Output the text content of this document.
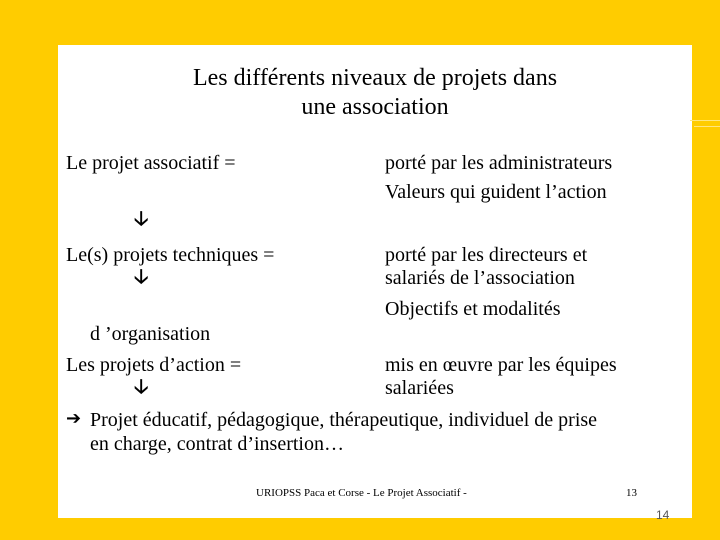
Les différents niveaux de projets dans
une association
Le projet associatif =	porté par les administrateurs
Valeurs qui guident l’action
🡣
Le(s) projets techniques =	porté par les directeurs et
🡣	salariés de l’association
Objectifs et modalités
d ’organisation
Les projets d’action =	mis en œuvre par les équipes
🡣	salariées
➔ Projet éducatif, pédagogique, thérapeutique, individuel de prise
en charge, contrat d’insertion…
URIOPSS Paca et Corse - Le Projet Associatif -	13
14
